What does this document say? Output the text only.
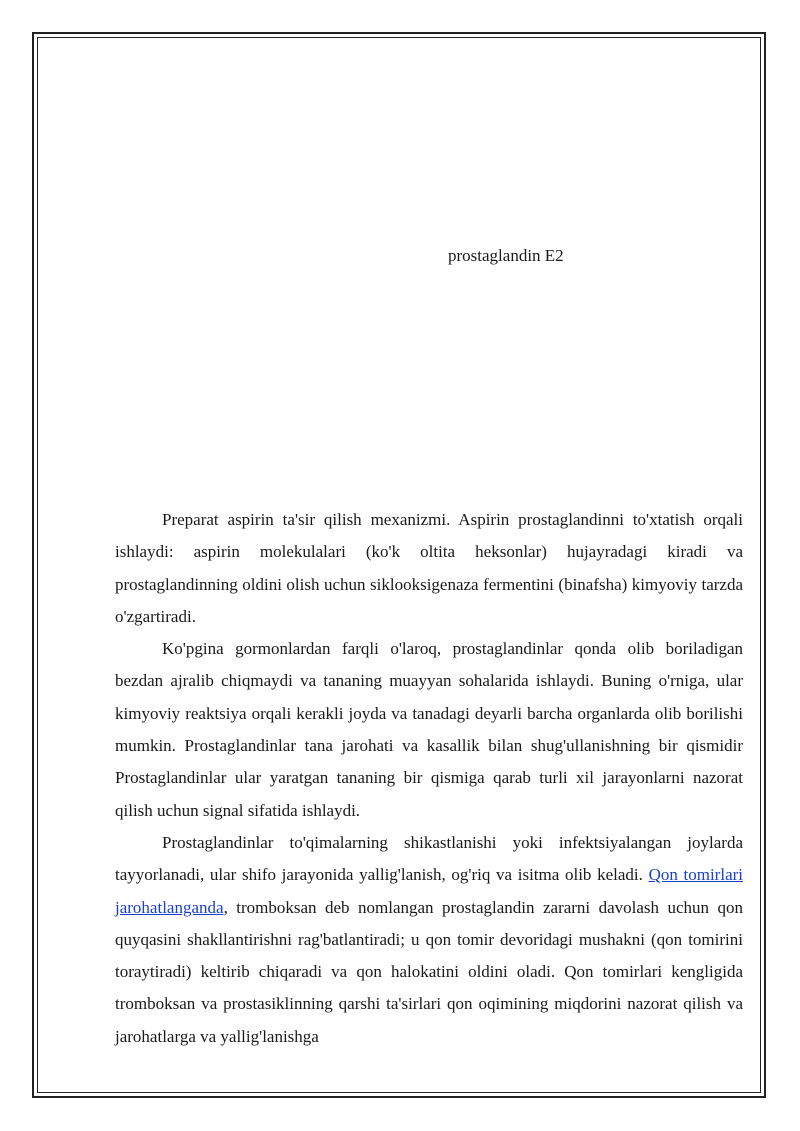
prostaglandin E2

Preparat aspirin ta'sir qilish mexanizmi. Aspirin prostaglandinni to'xtatish orqali ishlaydi: aspirin molekulalari (ko'k oltita heksonlar) hujayradagi kiradi va prostaglandinning oldini olish uchun siklooksigenaza fermentini (binafsha) kimyoviy tarzda o'zgartiradi.

Ko'pgina gormonlardan farqli o'laroq, prostaglandinlar qonda olib boriladigan bezdan ajralib chiqmaydi va tananing muayyan sohalarida ishlaydi. Buning o'rniga, ular kimyoviy reaktsiya orqali kerakli joyda va tanadagi deyarli barcha organlarda olib borilishi mumkin. Prostaglandinlar tana jarohati va kasallik bilan shug'ullanishning bir qismidir Prostaglandinlar ular yaratgan tananing bir qismiga qarab turli xil jarayonlarni nazorat qilish uchun signal sifatida ishlaydi.

Prostaglandinlar to'qimalarning shikastlanishi yoki infektsiyalangan joylarda tayyorlanadi, ular shifo jarayonida yallig'lanish, og'riq va isitma olib keladi. Qon tomirlari jarohatlanganda, tromboksan deb nomlangan prostaglandin zararni davolash uchun qon quyqasini shakllantirishni rag'batlantiradi; u qon tomir devoridagi mushakni (qon tomirini toraytiradi) keltirib chiqaradi va qon halokatini oldini oladi. Qon tomirlari kengligida tromboksan va prostasiklinning qarshi ta'sirlari qon oqimining miqdorini nazorat qilish va jarohatlarga va yallig'lanishga
